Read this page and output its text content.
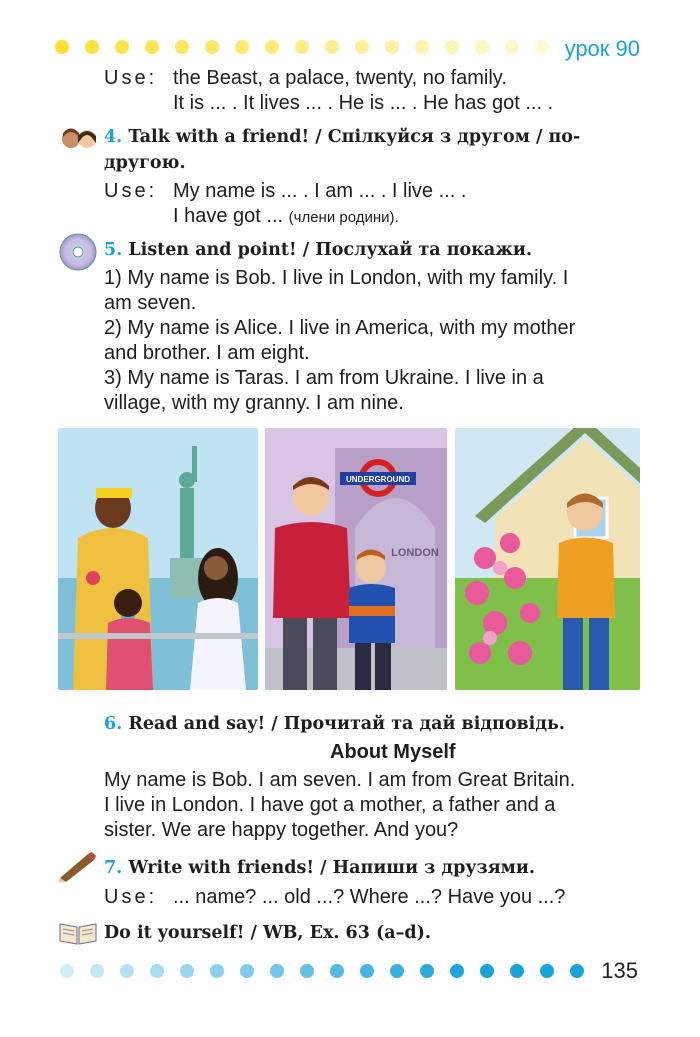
урок 90
Use: the Beast, a palace, twenty, no family.
It is ... . It lives ... . He is ... . He has got ... .
4. Talk with a friend! / Спілкуйся з другом / по-
другою.
Use: My name is ... . I am ... . I live ... .
I have got ... (члени родини).
5. Listen and point! / Послухай та покажи.
1) My name is Bob. I live in London, with my family. I
am seven.
2) My name is Alice. I live in America, with my mother
and brother. I am eight.
3) My name is Taras. I am from Ukraine. I live in a
village, with my granny. I am nine.
UNDERGROUND
LONDON
6. Read and say! / Прочитай та дай відповідь.
About Myself
My name is Bob. I am seven. I am from Great Britain.
I live in London. I have got a mother, a father and a
sister. We are happy together. And you?
7. Write with friends! / Напиши з друзями.
Use: ... name? ... old ...? Where ...? Have you ...?
Do it yourself! / WB, Ex. 63 (a–d).
135
